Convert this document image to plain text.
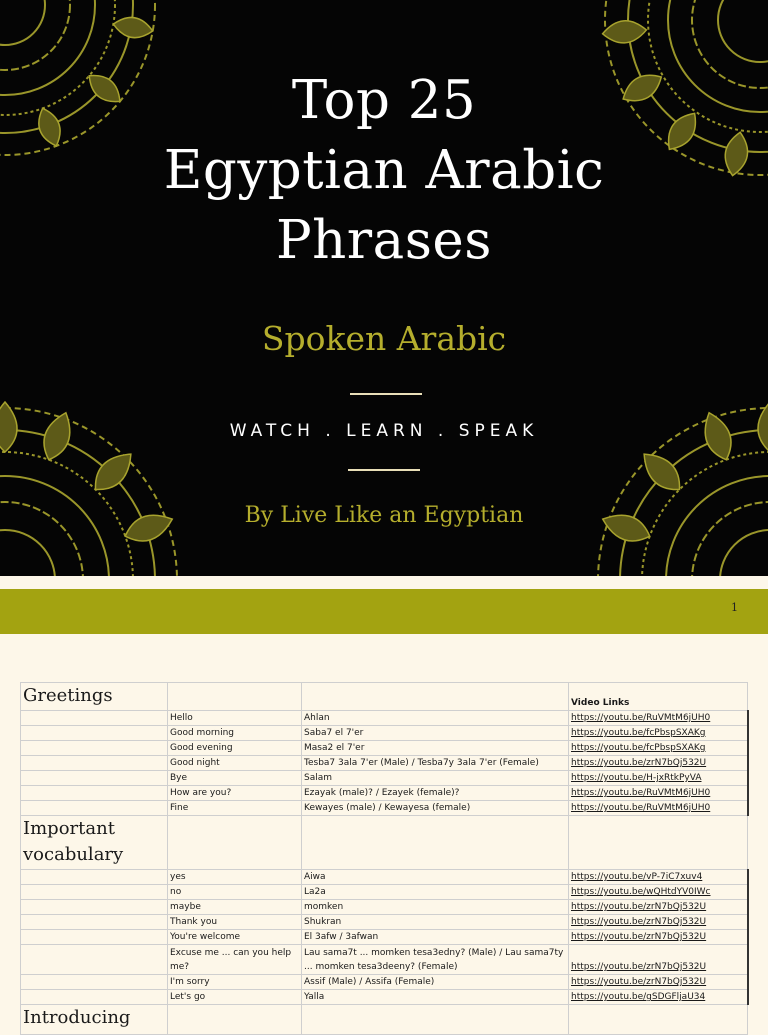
Top 25
Egyptian Arabic
Phrases
Spoken Arabic
WATCH . LEARN . SPEAK
By Live Like an Egyptian
1
Greetings			Video Links
	Hello	Ahlan	https://youtu.be/RuVMtM6jUH0
	Good morning	Saba7 el 7'er	https://youtu.be/fcPbspSXAKg
	Good evening	Masa2 el 7'er	https://youtu.be/fcPbspSXAKg
	Good night	Tesba7 3ala 7'er (Male) / Tesba7y 3ala 7'er (Female)	https://youtu.be/zrN7bQj532U
	Bye	Salam	https://youtu.be/H-jxRtkPyVA
	How are you?	Ezayak (male)? / Ezayek (female)?	https://youtu.be/RuVMtM6jUH0
	Fine	Kewayes (male) / Kewayesa (female)	https://youtu.be/RuVMtM6jUH0
Important vocabulary			
	yes	Aiwa	https://youtu.be/vP-7iC7xuv4
	no	La2a	https://youtu.be/wQHtdYV0IWc
	maybe	momken	https://youtu.be/zrN7bQj532U
	Thank you	Shukran	https://youtu.be/zrN7bQj532U
	You're welcome	El 3afw / 3afwan	https://youtu.be/zrN7bQj532U
	Excuse me ... can you help me?	Lau sama7t ... momken tesa3edny? (Male) / Lau sama7ty ... momken tesa3deeny? (Female)	https://youtu.be/zrN7bQj532U
	I'm sorry	Assif (Male) / Assifa (Female)	https://youtu.be/zrN7bQj532U
	Let's go	Yalla	https://youtu.be/gSDGFljaU34
Introducing			
